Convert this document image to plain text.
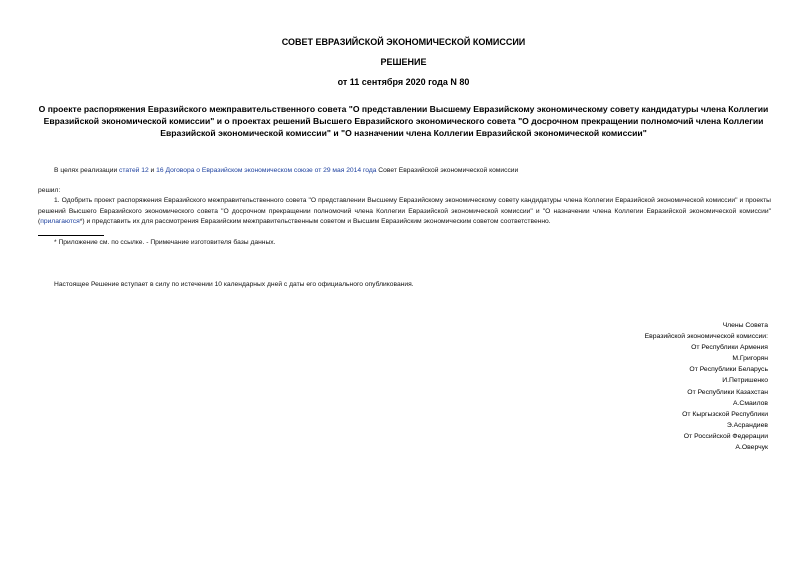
СОВЕТ ЕВРАЗИЙСКОЙ ЭКОНОМИЧЕСКОЙ КОМИССИИ
РЕШЕНИЕ
от 11 сентября 2020 года N 80
О проекте распоряжения Евразийского межправительственного совета "О представлении Высшему Евразийскому экономическому совету кандидатуры члена Коллегии Евразийской экономической комиссии" и о проектах решений Высшего Евразийского экономического совета "О досрочном прекращении полномочий члена Коллегии Евразийской экономической комиссии" и "О назначении члена Коллегии Евразийской экономической комиссии"
В целях реализации статей 12 и 16 Договора о Евразийском экономическом союзе от 29 мая 2014 года Совет Евразийской экономической комиссии
решил:
1. Одобрить проект распоряжения Евразийского межправительственного совета "О представлении Высшему Евразийскому экономическому совету кандидатуры члена Коллегии Евразийской экономической комиссии" и проекты решений Высшего Евразийского экономического совета "О досрочном прекращении полномочий члена Коллегии Евразийской экономической комиссии" и "О назначении члена Коллегии Евразийской экономической комиссии" (прилагаются*) и представить их для рассмотрения Евразийским межправительственным советом и Высшим Евразийским экономическим советом соответственно.
* Приложение см. по ссылке. - Примечание изготовителя базы данных.
Настоящее Решение вступает в силу по истечении 10 календарных дней с даты его официального опубликования.
Члены Совета
Евразийской экономической комиссии:
От Республики Армения
М.Григорян
От Республики Беларусь
И.Петришенко
От Республики Казахстан
А.Смаилов
От Кыргызской Республики
Э.Асрандиев
От Российской Федерации
А.Оверчук
